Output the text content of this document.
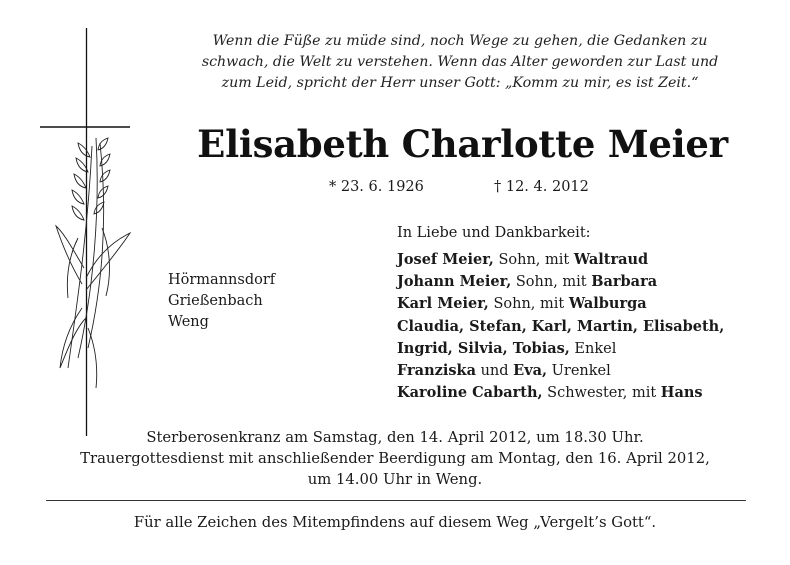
Wenn die Füße zu müde sind, noch Wege zu gehen, die Gedanken zu
schwach, die Welt zu verstehen. Wenn das Alter geworden zur Last und
zum Leid, spricht der Herr unser Gott: „Komm zu mir, es ist Zeit.“
Elisabeth Charlotte Meier
* 23. 6. 1926	† 12. 4. 2012
In Liebe und Dankbarkeit:
Hörmannsdorf
Grießenbach
Weng
Josef Meier, Sohn, mit Waltraud
Johann Meier, Sohn, mit Barbara
Karl Meier, Sohn, mit Walburga
Claudia, Stefan, Karl, Martin, Elisabeth,
Ingrid, Silvia, Tobias, Enkel
Franziska und Eva, Urenkel
Karoline Cabarth, Schwester, mit Hans
Sterberosenkranz am Samstag, den 14. April 2012, um 18.30 Uhr.
Trauergottesdienst mit anschließender Beerdigung am Montag, den 16. April 2012,
um 14.00 Uhr in Weng.
Für alle Zeichen des Mitempfindens auf diesem Weg „Vergelt’s Gott“.
